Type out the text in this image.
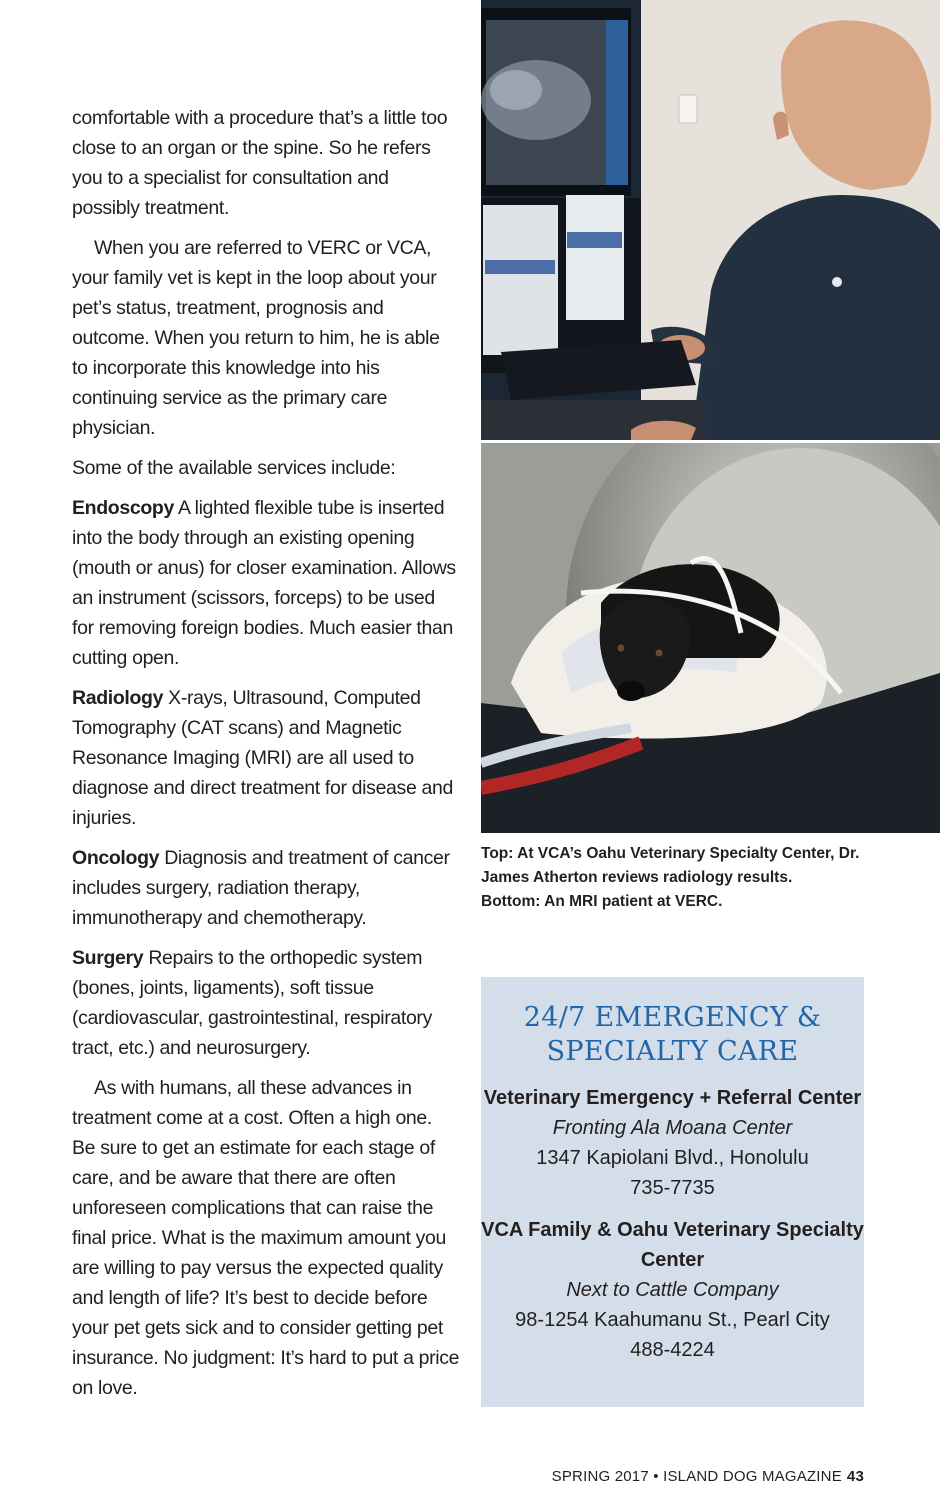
comfortable with a procedure that’s a little too close to an organ or the spine. So he refers you to a specialist for consultation and possibly treatment.

When you are referred to VERC or VCA, your family vet is kept in the loop about your pet’s status, treatment, prognosis and outcome. When you return to him, he is able to incorporate this knowledge into his continuing service as the primary care physician.

Some of the available services include:

Endoscopy A lighted flexible tube is inserted into the body through an existing opening (mouth or anus) for closer examination. Allows an instrument (scissors, forceps) to be used for removing foreign bodies. Much easier than cutting open.

Radiology X-rays, Ultrasound, Computed Tomography (CAT scans) and Magnetic Resonance Imaging (MRI) are all used to diagnose and direct treatment for disease and injuries.

Oncology Diagnosis and treatment of cancer includes surgery, radiation therapy, immunotherapy and chemotherapy.

Surgery Repairs to the orthopedic system (bones, joints, ligaments), soft tissue (cardiovascular, gastrointestinal, respiratory tract, etc.) and neurosurgery.

As with humans, all these advances in treatment come at a cost. Often a high one. Be sure to get an estimate for each stage of care, and be aware that there are often unforeseen complications that can raise the final price. What is the maximum amount you are willing to pay versus the expected quality and length of life? It’s best to decide before your pet gets sick and to consider getting pet insurance. No judgment: It’s hard to put a price on love.

Top: At VCA’s Oahu Veterinary Specialty Center, Dr. James Atherton reviews radiology results.

Bottom: An MRI patient at VERC.

24/7 EMERGENCY & SPECIALTY CARE
Veterinary Emergency + Referral Center
Fronting Ala Moana Center
1347 Kapiolani Blvd., Honolulu
735-7735
VCA Family & Oahu Veterinary Specialty Center
Next to Cattle Company
98-1254 Kaahumanu St., Pearl City
488-4224
SPRING 2017 • ISLAND DOG MAGAZINE 43
